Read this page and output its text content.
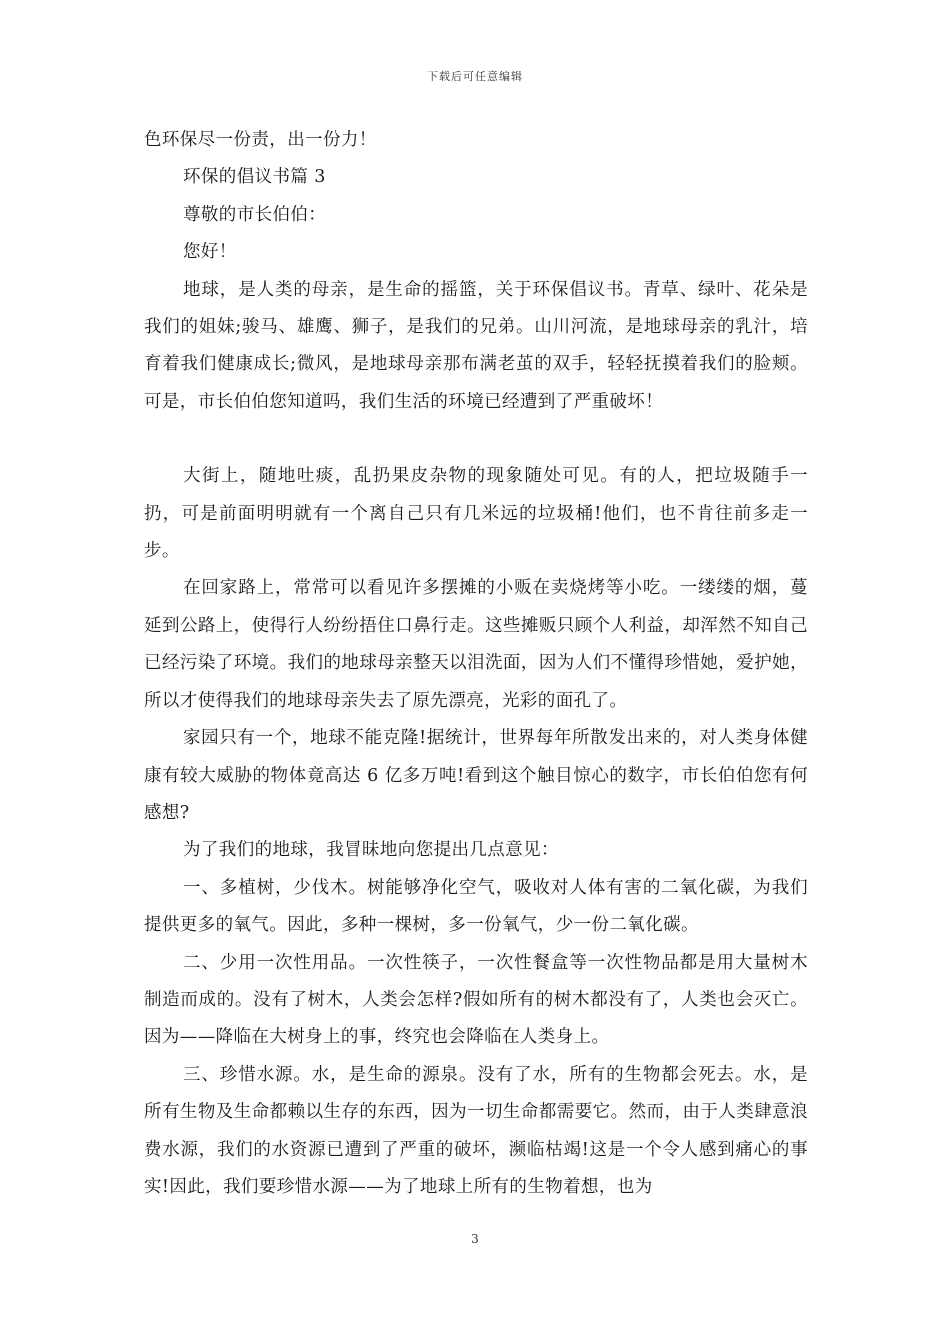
下载后可任意编辑

色环保尽一份责，出一份力！

环保的倡议书篇 3

尊敬的市长伯伯：

您好！

地球，是人类的母亲，是生命的摇篮，关于环保倡议书。青草、绿叶、花朵是我们的姐妹;骏马、雄鹰、狮子，是我们的兄弟。山川河流，是地球母亲的乳汁，培育着我们健康成长;微风，是地球母亲那布满老茧的双手，轻轻抚摸着我们的脸颊。可是，市长伯伯您知道吗，我们生活的环境已经遭到了严重破坏！

大街上，随地吐痰，乱扔果皮杂物的现象随处可见。有的人，把垃圾随手一扔，可是前面明明就有一个离自己只有几米远的垃圾桶!他们，也不肯往前多走一步。

在回家路上，常常可以看见许多摆摊的小贩在卖烧烤等小吃。一缕缕的烟，蔓延到公路上，使得行人纷纷捂住口鼻行走。这些摊贩只顾个人利益，却浑然不知自己已经污染了环境。我们的地球母亲整天以泪洗面，因为人们不懂得珍惜她，爱护她，所以才使得我们的地球母亲失去了原先漂亮，光彩的面孔了。

家园只有一个，地球不能克隆!据统计，世界每年所散发出来的，对人类身体健康有较大威胁的物体竟高达 6 亿多万吨!看到这个触目惊心的数字，市长伯伯您有何感想?

为了我们的地球，我冒昧地向您提出几点意见：

一、多植树，少伐木。树能够净化空气，吸收对人体有害的二氧化碳，为我们提供更多的氧气。因此，多种一棵树，多一份氧气，少一份二氧化碳。

二、少用一次性用品。一次性筷子，一次性餐盒等一次性物品都是用大量树木制造而成的。没有了树木，人类会怎样?假如所有的树木都没有了，人类也会灭亡。因为——降临在大树身上的事，终究也会降临在人类身上。

三、珍惜水源。水，是生命的源泉。没有了水，所有的生物都会死去。水，是所有生物及生命都赖以生存的东西，因为一切生命都需要它。然而，由于人类肆意浪费水源，我们的水资源已遭到了严重的破坏，濒临枯竭!这是一个令人感到痛心的事实!因此，我们要珍惜水源——为了地球上所有的生物着想，也为

3
